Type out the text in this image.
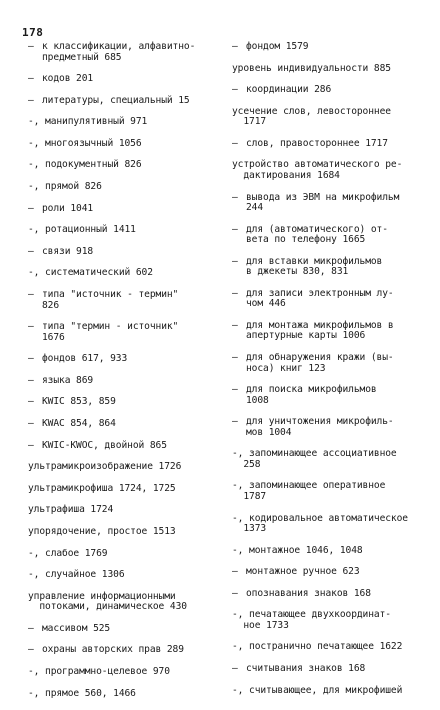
178
– к классификации, алфавитно-
предметный 685
– кодов 201
– литературы, специальный 15
-, манипулятивный 971
-, многоязычный 1056
-, подокументный 826
-, прямой 826
– роли 1041
-, ротационный 1411
– связи 918
-, систематический 602
– типа "источник - термин"
826
– типа "термин - источник"
1676
– фондов 617, 933
– языка 869
– KWIC 853, 859
– KWAC 854, 864
– KWIC-KWOC, двойной 865
ультрамикроизображение 1726
ультрамикрофиша 1724, 1725
ультрафиша 1724
упорядочение, простое 1513
-, слабое 1769
-, случайное 1306
управление информационными
потоками, динамическое 430
– массивом 525
– охраны авторских прав 289
-, программно-целевое 970
-, прямое 560, 1466
– фондом 1579
уровень индивидуальности 885
– координации 286
усечение слов, левостороннее
1717
– слов, правостороннее 1717
устройство автоматического ре-
дактирования 1684
– вывода из ЭВМ на микрофильм
244
– для (автоматического) от-
вета по телефону 1665
– для вставки микрофильмов
в джекеты 830, 831
– для записи электронным лу-
чом 446
– для монтажа микрофильмов в
апертурные карты 1006
– для обнаружения кражи (вы-
носа) книг 123
– для поиска микрофильмов
1008
– для уничтожения микрофиль-
мов 1004
-, запоминающее ассоциативное
258
-, запоминающее оперативное
1787
-, кодировальное автоматическое
1373
-, монтажное 1046, 1048
– монтажное ручное 623
– опознавания знаков 168
-, печатающее двухкоординат-
ное 1733
-, постранично печатающее 1622
– считывания знаков 168
-, считывающее, для микрофишей
